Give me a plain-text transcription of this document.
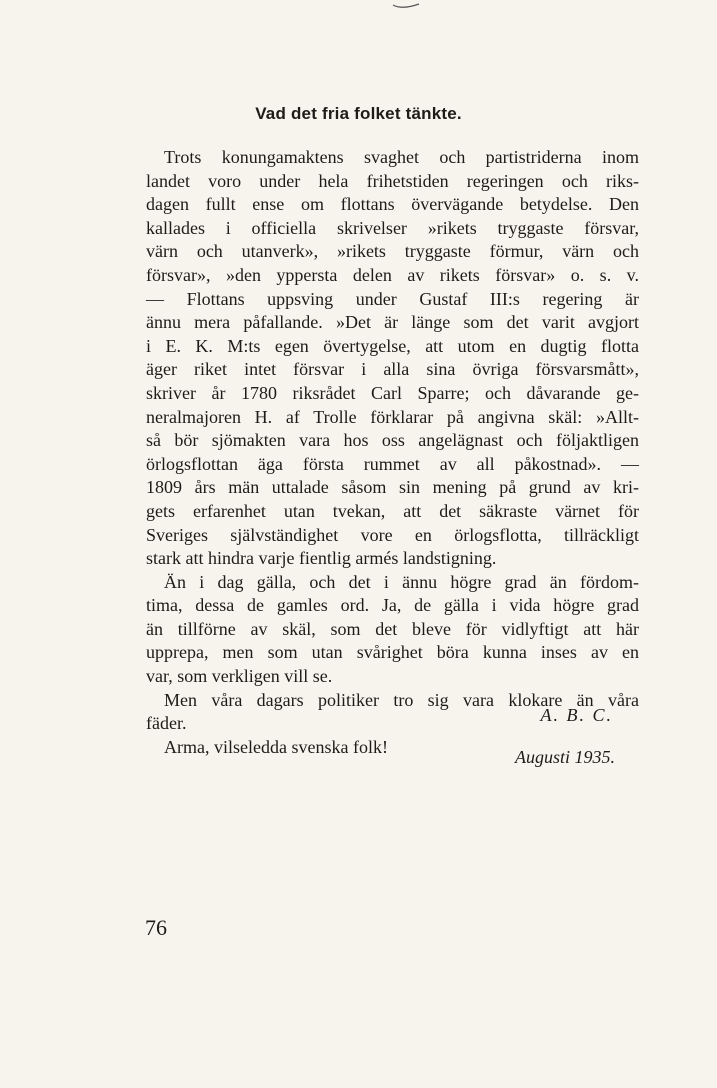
Vad det fria folket tänkte.
Trots konungamaktens svaghet och partistriderna inom
landet voro under hela frihetstiden regeringen och riks-
dagen fullt ense om flottans övervägande betydelse. Den
kallades i officiella skrivelser »rikets tryggaste försvar,
värn och utanverk», »rikets tryggaste förmur, värn och
försvar», »den yppersta delen av rikets försvar» o. s. v.
— Flottans uppsving under Gustaf III:s regering är
ännu mera påfallande. »Det är länge som det varit avgjort
i E. K. M:ts egen övertygelse, att utom en dugtig flotta
äger riket intet försvar i alla sina övriga försvarsmått»,
skriver år 1780 riksrådet Carl Sparre; och dåvarande ge-
neralmajoren H. af Trolle förklarar på angivna skäl: »Allt-
så bör sjömakten vara hos oss angelägnast och följaktligen
örlogsflottan äga första rummet av all påkostnad». —
1809 års män uttalade såsom sin mening på grund av kri-
gets erfarenhet utan tvekan, att det säkraste värnet för
Sveriges självständighet vore en örlogsflotta, tillräckligt
stark att hindra varje fientlig armés landstigning.
Än i dag gälla, och det i ännu högre grad än fördom-
tima, dessa de gamles ord. Ja, de gälla i vida högre grad
än tillförne av skäl, som det bleve för vidlyftigt att här
upprepa, men som utan svårighet böra kunna inses av en
var, som verkligen vill se.
Men våra dagars politiker tro sig vara klokare än våra
fäder.
Arma, vilseledda svenska folk!
A. B. C.
Augusti 1935.
76
